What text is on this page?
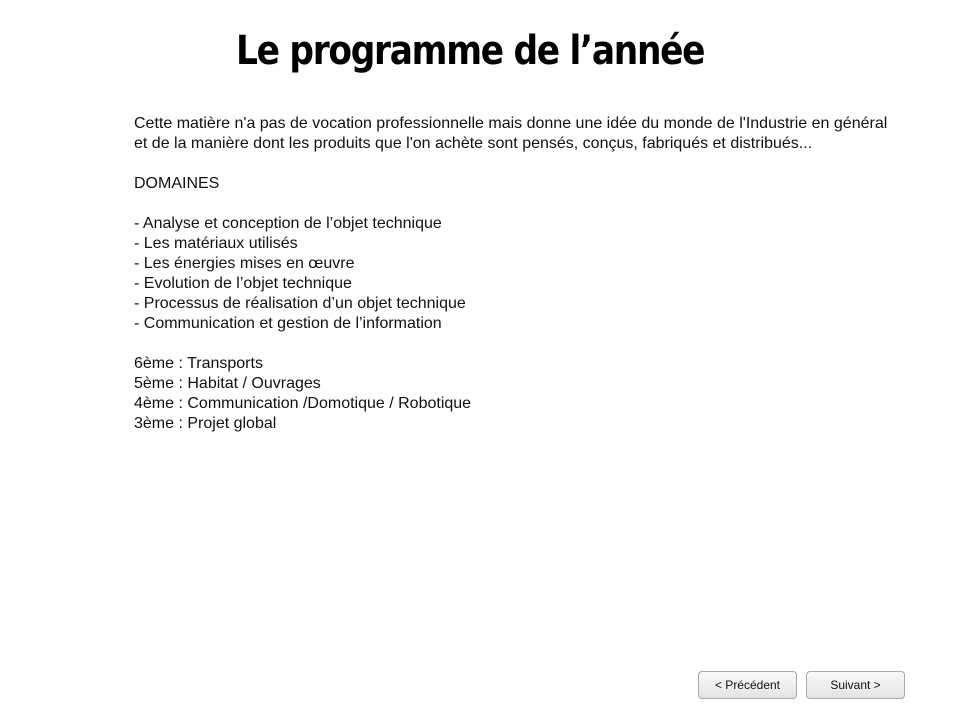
Le programme de l’année

Cette matière n'a pas de vocation professionnelle mais donne une idée du monde de l'Industrie en général et de la manière dont les produits que l'on achète sont pensés, conçus, fabriqués et distribués...

DOMAINES

- Analyse et conception de l’objet technique
- Les matériaux utilisés
- Les énergies mises en œuvre
- Evolution de l’objet technique
- Processus de réalisation d’un objet technique
- Communication et gestion de l’information
6ème : Transports
5ème : Habitat / Ouvrages
4ème : Communication /Domotique / Robotique
3ème : Projet global
< Précédent	Suivant >
